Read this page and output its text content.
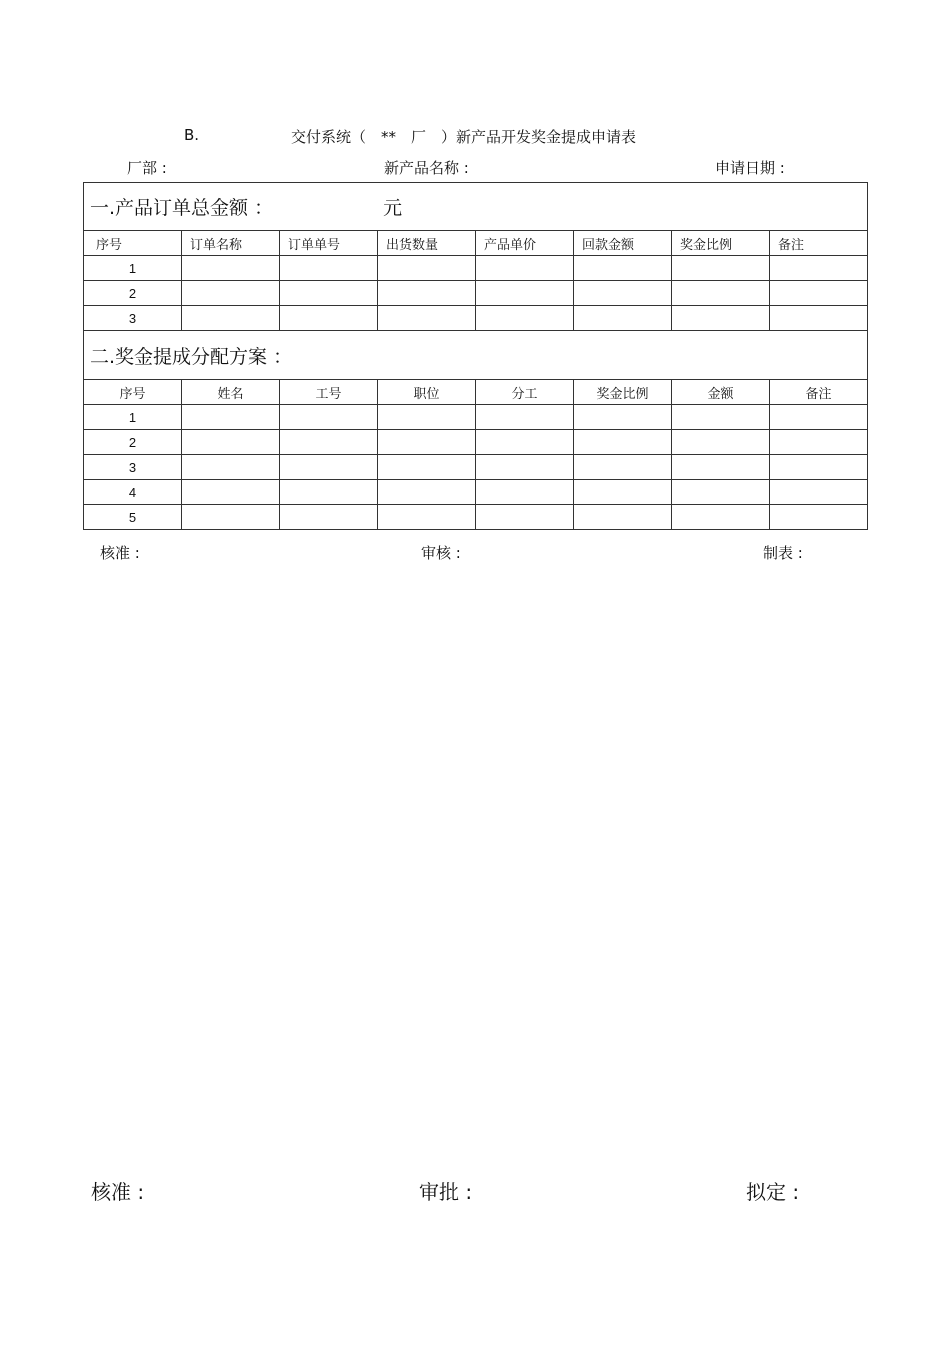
B.	交付系统（　**　厂　）新产品开发奖金提成申请表
厂部 :	新产品名称 :	申请日期 :
一.产品订单总金额 ： 元							
序号	订单名称	订单单号	出货数量	产品单价	回款金额	奖金比例	备注
1							
2							
3							
二.奖金提成分配方案 ：							
序号	姓名	工号	职位	分工	奖金比例	金额	备注
1							
2							
3							
4							
5							
核准 :	审核 :	制表 :
核准 :	审批 :	拟定 :
